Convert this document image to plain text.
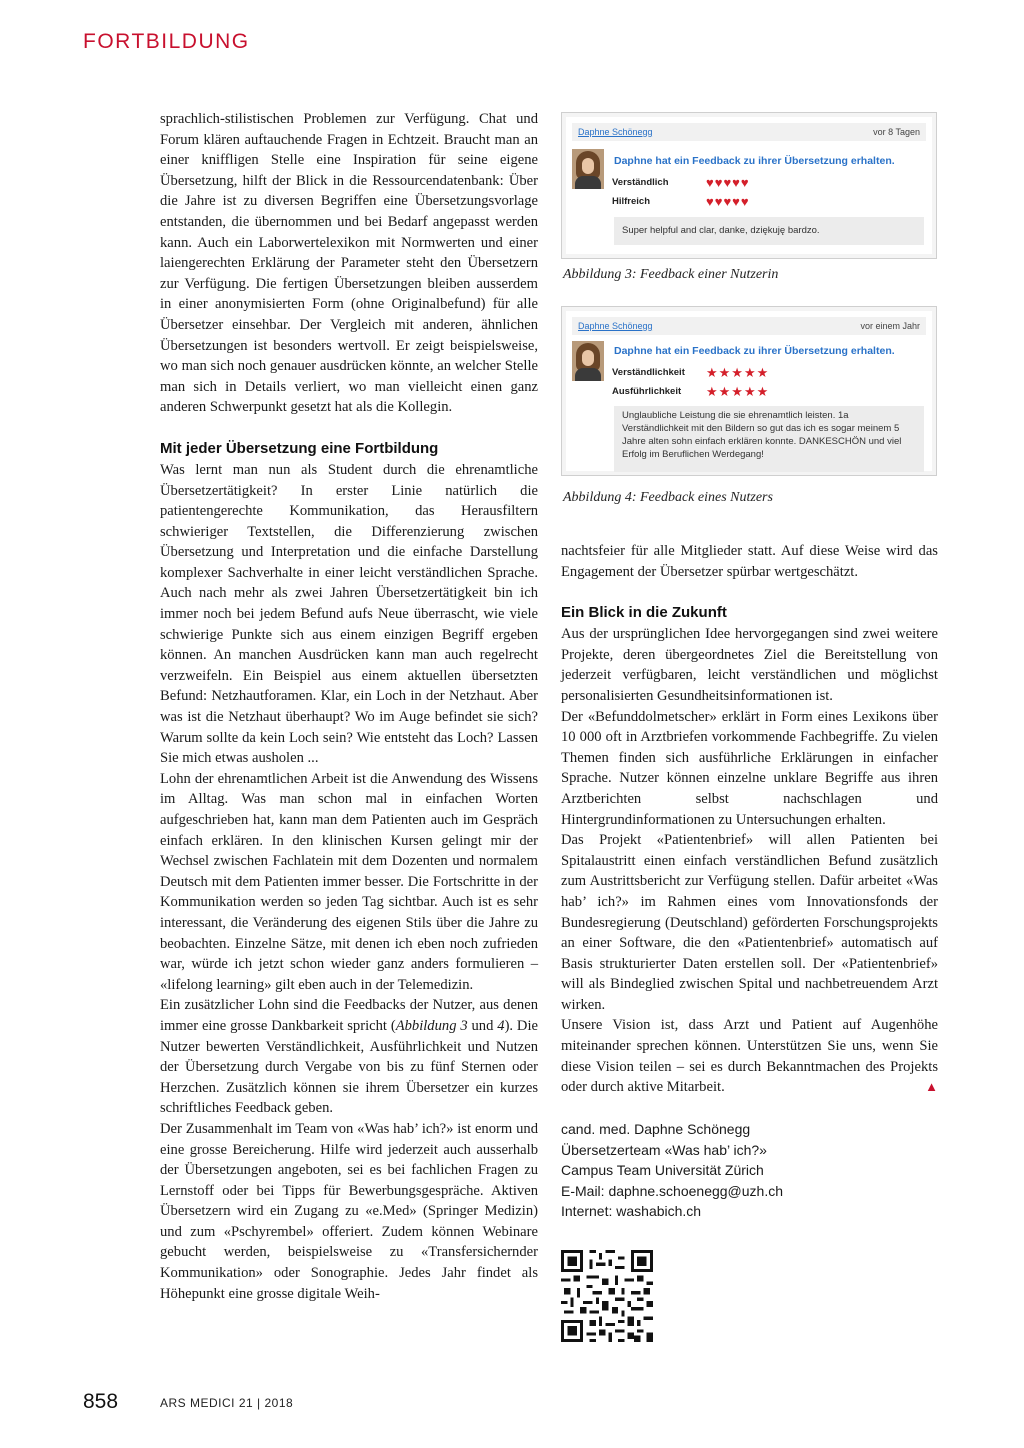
FORTBILDUNG

sprachlich-stilistischen Problemen zur Verfügung. Chat und Forum klären auftauchende Fragen in Echtzeit. Braucht man an einer kniffligen Stelle eine Inspiration für seine eigene Übersetzung, hilft der Blick in die Ressourcendatenbank: Über die Jahre ist zu diversen Begriffen eine Übersetzungsvorlage entstanden, die übernommen und bei Bedarf angepasst werden kann. Auch ein Laborwertelexikon mit Normwerten und einer laiengerechten Erklärung der Parameter steht den Übersetzern zur Verfügung. Die fertigen Übersetzungen bleiben ausserdem in einer anonymisierten Form (ohne Originalbefund) für alle Übersetzer einsehbar. Der Vergleich mit anderen, ähnlichen Übersetzungen ist besonders wertvoll. Er zeigt beispielsweise, wo man sich noch genauer ausdrücken könnte, an welcher Stelle man sich in Details verliert, wo man vielleicht einen ganz anderen Schwerpunkt gesetzt hat als die Kollegin.

Mit jeder Übersetzung eine Fortbildung

Was lernt man nun als Student durch die ehrenamtliche Übersetzertätigkeit? In erster Linie natürlich die patientengerechte Kommunikation, das Herausfiltern schwieriger Textstellen, die Differenzierung zwischen Übersetzung und Interpretation und die einfache Darstellung komplexer Sachverhalte in einer leicht verständlichen Sprache. Auch nach mehr als zwei Jahren Übersetzertätigkeit bin ich immer noch bei jedem Befund aufs Neue überrascht, wie viele schwierige Punkte sich aus einem einzigen Begriff ergeben können. An manchen Ausdrücken kann man auch regelrecht verzweifeln. Ein Beispiel aus einem aktuellen übersetzten Befund: Netzhautforamen. Klar, ein Loch in der Netzhaut. Aber was ist die Netzhaut überhaupt? Wo im Auge befindet sie sich? Warum sollte da kein Loch sein? Wie entsteht das Loch? Lassen Sie mich etwas ausholen ...

Lohn der ehrenamtlichen Arbeit ist die Anwendung des Wissens im Alltag. Was man schon mal in einfachen Worten aufgeschrieben hat, kann man dem Patienten auch im Gespräch einfach erklären. In den klinischen Kursen gelingt mir der Wechsel zwischen Fachlatein mit dem Dozenten und normalem Deutsch mit dem Patienten immer besser. Die Fortschritte in der Kommunikation werden so jeden Tag sichtbar. Auch ist es sehr interessant, die Veränderung des eigenen Stils über die Jahre zu beobachten. Einzelne Sätze, mit denen ich eben noch zufrieden war, würde ich jetzt schon wieder ganz anders formulieren – «lifelong learning» gilt eben auch in der Telemedizin.

Ein zusätzlicher Lohn sind die Feedbacks der Nutzer, aus denen immer eine grosse Dankbarkeit spricht (Abbildung 3 und 4). Die Nutzer bewerten Verständlichkeit, Ausführlichkeit und Nutzen der Übersetzung durch Vergabe von bis zu fünf Sternen oder Herzchen. Zusätzlich können sie ihrem Übersetzer ein kurzes schriftliches Feedback geben.

Der Zusammenhalt im Team von «Was hab’ ich?» ist enorm und eine grosse Bereicherung. Hilfe wird jederzeit auch ausserhalb der Übersetzungen angeboten, sei es bei fachlichen Fragen zu Lernstoff oder bei Tipps für Bewerbungsgespräche. Aktiven Übersetzern wird ein Zugang zu «e.Med» (Springer Medizin) und zum «Pschyrembel» offeriert. Zudem können Webinare gebucht werden, beispielsweise zu «Transfersichernder Kommunikation» oder Sonographie. Jedes Jahr findet als Höhepunkt eine grosse digitale Weih-

Daphne Schönegg	vor 8 Tagen
Daphne hat ein Feedback zu ihrer Übersetzung erhalten.
Verständlich	♥♥♥♥♥
Hilfreich	♥♥♥♥♥
Super helpful and clar, danke, dziękuję bardzo.
Abbildung 3: Feedback einer Nutzerin
Daphne Schönegg	vor einem Jahr
Daphne hat ein Feedback zu ihrer Übersetzung erhalten.
Verständlichkeit ★★★★★
Ausführlichkeit ★★★★★
Unglaubliche Leistung die sie ehrenamtlich leisten. 1a Verständlichkeit mit den Bildern so gut das ich es sogar meinem 5 Jahre alten sohn einfach erklären konnte. DANKESCHÖN und viel Erfolg im Beruflichen Werdegang!
Abbildung 4: Feedback eines Nutzers

nachtsfeier für alle Mitglieder statt. Auf diese Weise wird das Engagement der Übersetzer spürbar wertgeschätzt.

Ein Blick in die Zukunft

Aus der ursprünglichen Idee hervorgegangen sind zwei weitere Projekte, deren übergeordnetes Ziel die Bereitstellung von jederzeit verfügbaren, leicht verständlichen und möglichst personalisierten Gesundheitsinformationen ist.

Der «Befunddolmetscher» erklärt in Form eines Lexikons über 10 000 oft in Arztbriefen vorkommende Fachbegriffe. Zu vielen Themen finden sich ausführliche Erklärungen in einfacher Sprache. Nutzer können einzelne unklare Begriffe aus ihren Arztberichten selbst nachschlagen und Hintergrundinformationen zu Untersuchungen erhalten.

Das Projekt «Patientenbrief» will allen Patienten bei Spitalaustritt einen einfach verständlichen Befund zusätzlich zum Austrittsbericht zur Verfügung stellen. Dafür arbeitet «Was hab’ ich?» im Rahmen eines vom Innovationsfonds der Bundesregierung (Deutschland) geförderten Forschungsprojekts an einer Software, die den «Patientenbrief» automatisch auf Basis strukturierter Daten erstellen soll. Der «Patientenbrief» will als Bindeglied zwischen Spital und nachbetreuendem Arzt wirken.

Unsere Vision ist, dass Arzt und Patient auf Augenhöhe miteinander sprechen können. Unterstützen Sie uns, wenn Sie diese Vision teilen – sei es durch Bekanntmachen des Projekts oder durch aktive Mitarbeit.	▲

cand. med. Daphne Schönegg
Übersetzerteam «Was hab’ ich?»
Campus Team Universität Zürich
E-Mail: daphne.schoenegg@uzh.ch
Internet: washabich.ch
858	ARS MEDICI 21 | 2018
